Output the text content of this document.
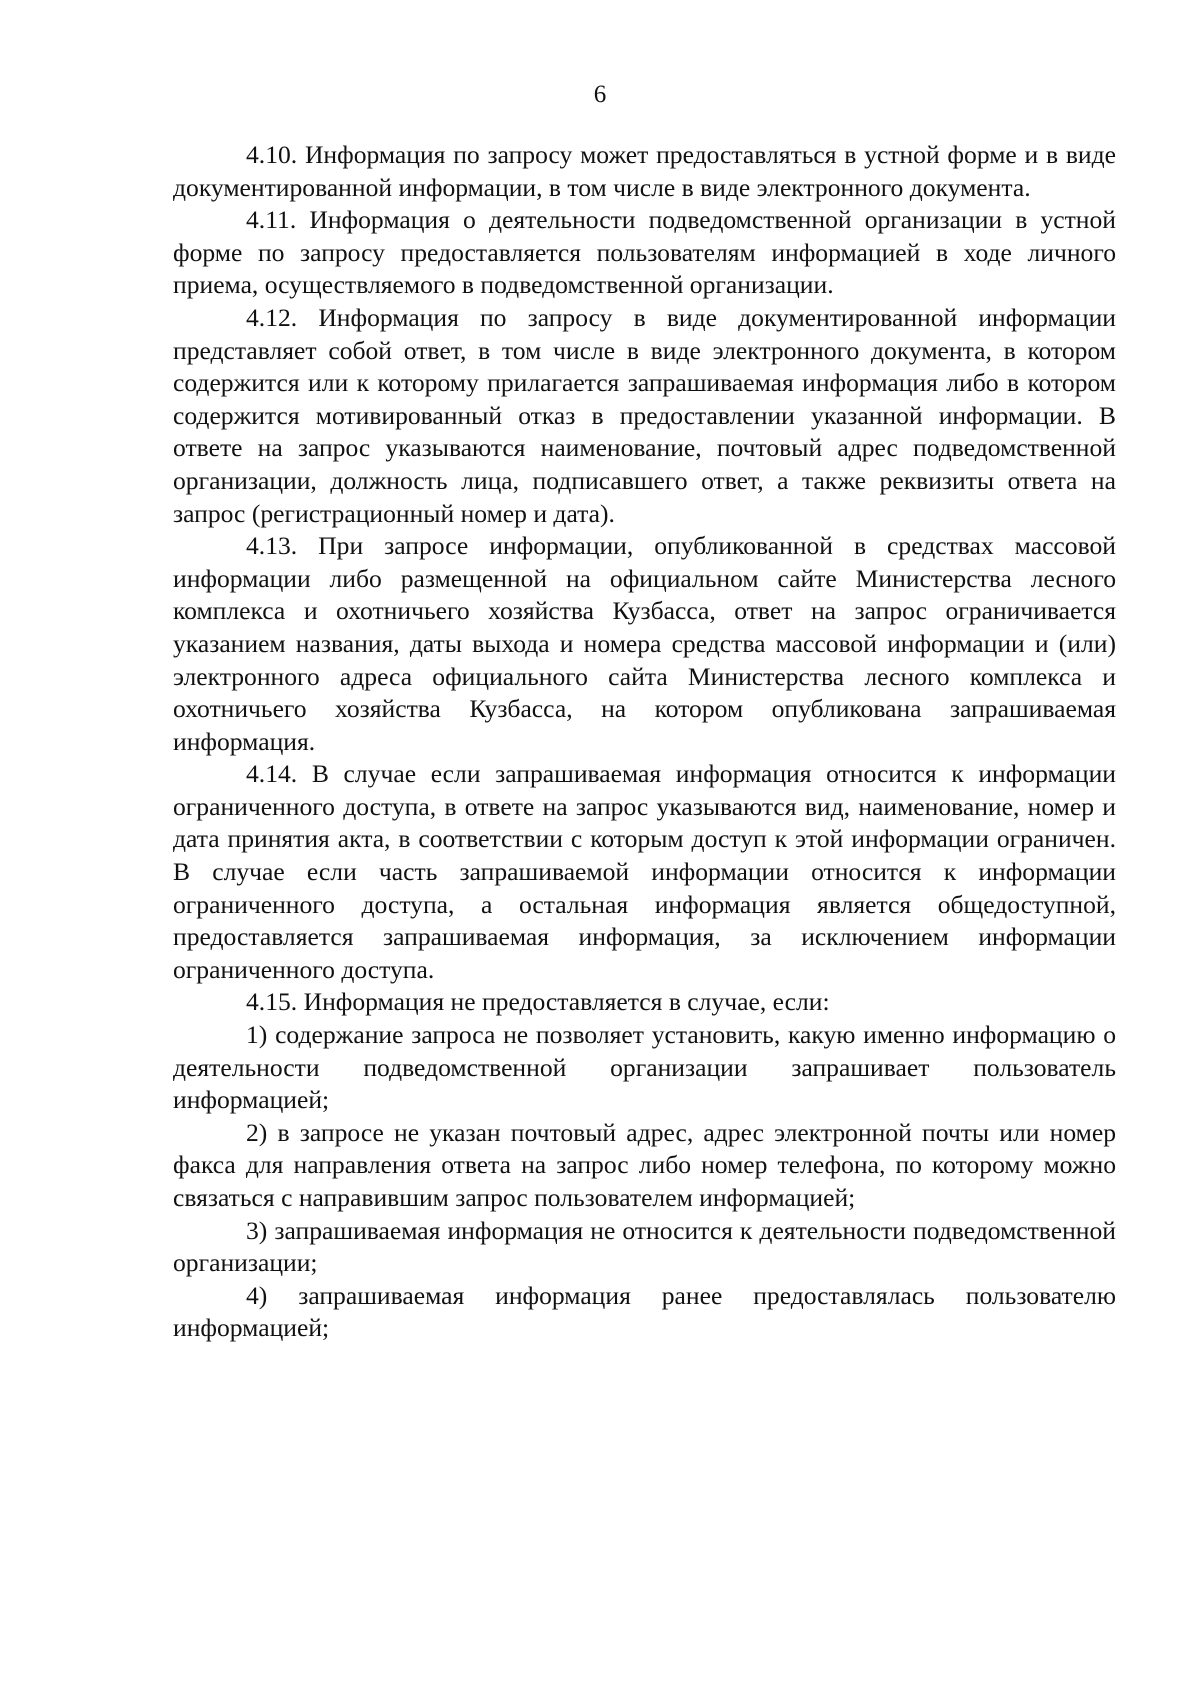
6

4.10. Информация по запросу может предоставляться в устной форме и в виде документированной информации, в том числе в виде электронного документа.

4.11. Информация о деятельности подведомственной организации в устной форме по запросу предоставляется пользователям информацией в ходе личного приема, осуществляемого в подведомственной организации.

4.12. Информация по запросу в виде документированной информации представляет собой ответ, в том числе в виде электронного документа, в котором содержится или к которому прилагается запрашиваемая информация либо в котором содержится мотивированный отказ в предоставлении указанной информации. В ответе на запрос указываются наименование, почтовый адрес подведомственной организации, должность лица, подписавшего ответ, а также реквизиты ответа на запрос (регистрационный номер и дата).

4.13. При запросе информации, опубликованной в средствах массовой информации либо размещенной на официальном сайте Министерства лесного комплекса и охотничьего хозяйства Кузбасса, ответ на запрос ограничивается указанием названия, даты выхода и номера средства массовой информации и (или) электронного адреса официального сайта Министерства лесного комплекса и охотничьего хозяйства Кузбасса, на котором опубликована запрашиваемая информация.

4.14. В случае если запрашиваемая информация относится к информации ограниченного доступа, в ответе на запрос указываются вид, наименование, номер и дата принятия акта, в соответствии с которым доступ к этой информации ограничен. В случае если часть запрашиваемой информации относится к информации ограниченного доступа, а остальная информация является общедоступной, предоставляется запрашиваемая информация, за исключением информации ограниченного доступа.

4.15. Информация не предоставляется в случае, если:

1) содержание запроса не позволяет установить, какую именно информацию о деятельности подведомственной организации запрашивает пользователь информацией;

2) в запросе не указан почтовый адрес, адрес электронной почты или номер факса для направления ответа на запрос либо номер телефона, по которому можно связаться с направившим запрос пользователем информацией;

3) запрашиваемая информация не относится к деятельности подведомственной организации;

4) запрашиваемая информация ранее предоставлялась пользователю информацией;
